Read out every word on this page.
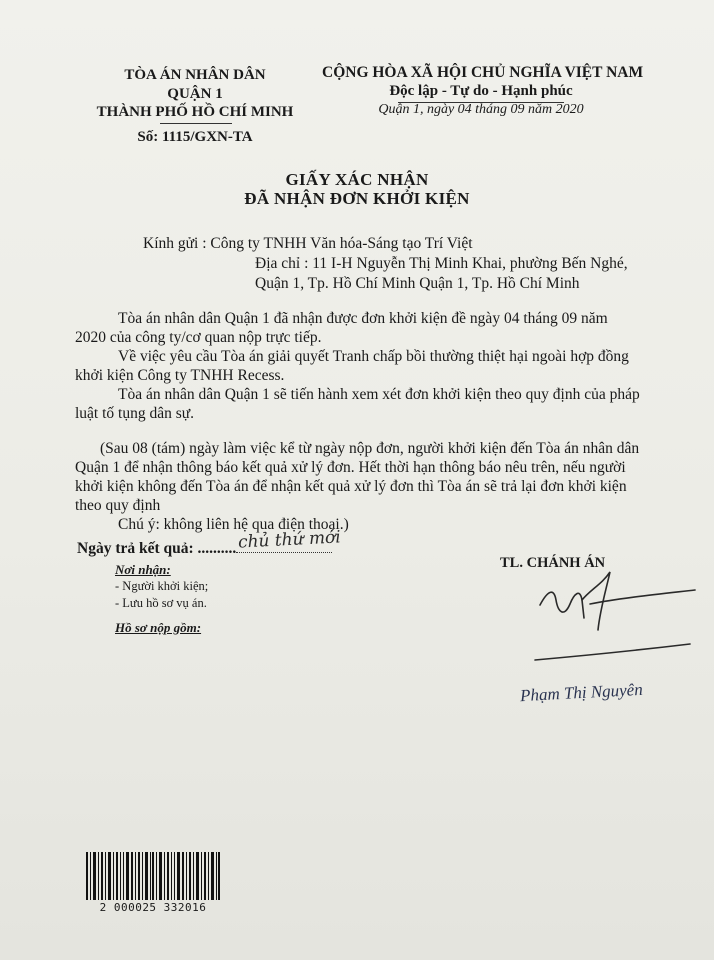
TÒA ÁN NHÂN DÂN
QUẬN 1
THÀNH PHỐ HỒ CHÍ MINH
Số: 1115/GXN-TA
CỘNG HÒA XÃ HỘI CHỦ NGHĨA VIỆT NAM
Độc lập - Tự do - Hạnh phúc
Quận 1, ngày 04 tháng 09 năm 2020
GIẤY XÁC NHẬN
ĐÃ NHẬN ĐƠN KHỞI KIỆN
Kính gửi : Công ty TNHH Văn hóa-Sáng tạo Trí Việt
Địa chỉ : 11 I-H Nguyễn Thị Minh Khai, phường Bến Nghé,
Quận 1, Tp. Hồ Chí Minh Quận 1, Tp. Hồ Chí Minh
Tòa án nhân dân Quận 1 đã nhận được đơn khởi kiện đề ngày 04 tháng 09 năm
2020 của công ty/cơ quan nộp trực tiếp.
Về việc yêu cầu Tòa án giải quyết Tranh chấp bồi thường thiệt hại ngoài hợp đồng
khởi kiện Công ty TNHH Recess.
Tòa án nhân dân Quận 1 sẽ tiến hành xem xét đơn khởi kiện theo quy định của pháp
luật tố tụng dân sự.
(Sau 08 (tám) ngày làm việc kể từ ngày nộp đơn, người khởi kiện đến Tòa án nhân dân
Quận 1 để nhận thông báo kết quả xử lý đơn. Hết thời hạn thông báo nêu trên, nếu người
khởi kiện không đến Tòa án để nhận kết quả xử lý đơn thì Tòa án sẽ trả lại đơn khởi kiện
theo quy định
Chú ý: không liên hệ qua điện thoại.)
Ngày trả kết quả: .......... chủ thứ mới
Nơi nhận:
- Người khởi kiện;
- Lưu hồ sơ vụ án.
Hồ sơ nộp gồm:
TL. CHÁNH ÁN
Phạm Thị Nguyên
2 000025 332016
